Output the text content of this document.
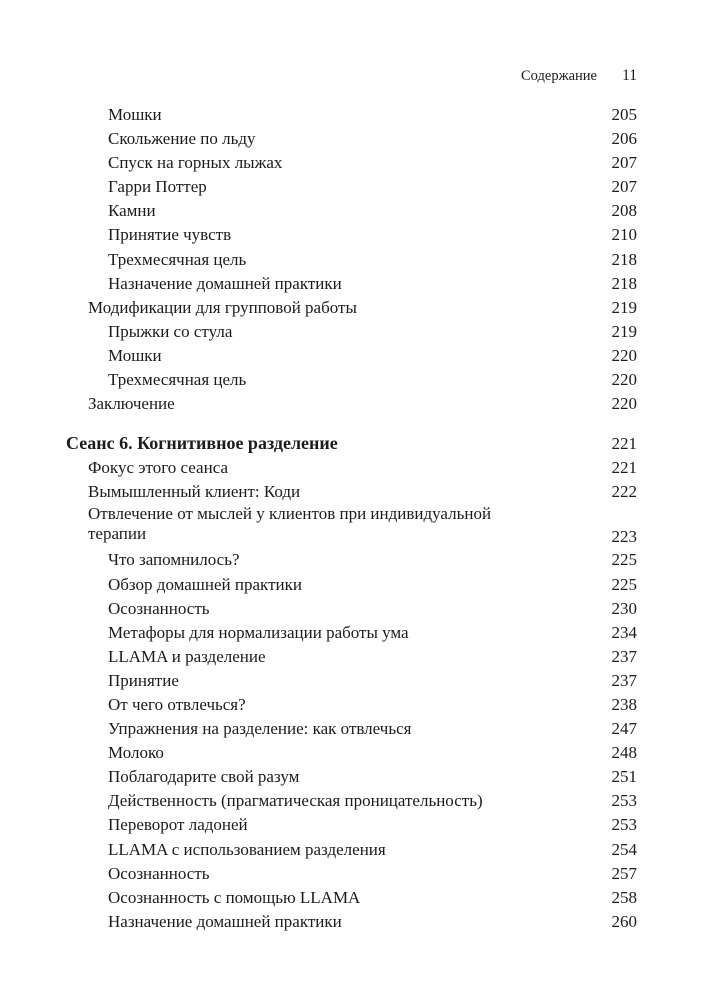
Содержание 11
Мошки	205
Скольжение по льду	206
Спуск на горных лыжах	207
Гарри Поттер	207
Камни	208
Принятие чувств	210
Трехмесячная цель	218
Назначение домашней практики	218
Модификации для групповой работы	219
Прыжки со стула	219
Мошки	220
Трехмесячная цель	220
Заключение	220
Сеанс 6. Когнитивное разделение	221
Фокус этого сеанса	221
Вымышленный клиент: Коди	222
Отвлечение от мыслей у клиентов при индивидуальной
терапии	223
Что запомнилось?	225
Обзор домашней практики	225
Осознанность	230
Метафоры для нормализации работы ума	234
LLAMA и разделение	237
Принятие	237
От чего отвлечься?	238
Упражнения на разделение: как отвлечься	247
Молоко	248
Поблагодарите свой разум	251
Действенность (прагматическая проницательность)	253
Переворот ладоней	253
LLAMA с использованием разделения	254
Осознанность	257
Осознанность с помощью LLAMA	258
Назначение домашней практики	260
